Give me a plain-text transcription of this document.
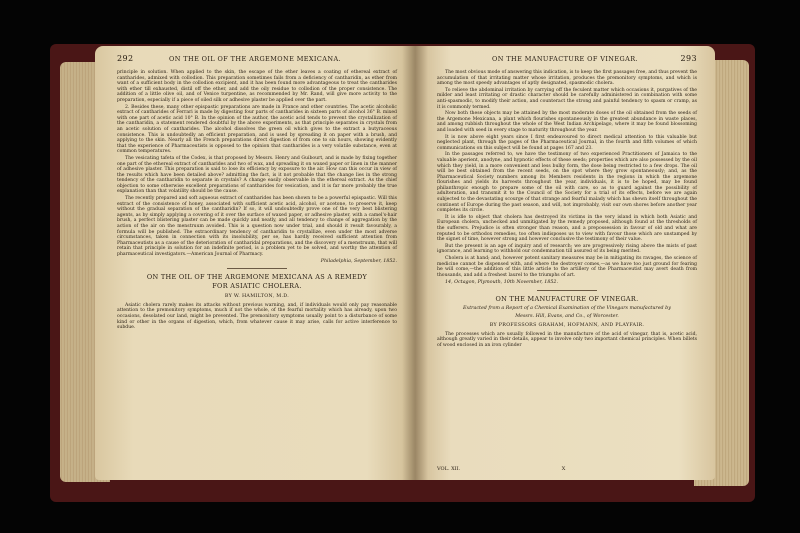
292	ON THE OIL OF THE ARGEMONE MEXICANA.

principle in solution. When applied to the skin, the escape of the ether leaves a coating of ethereal extract of cantharides, admixed with collodion. This preparation sometimes fails from a deficiency of cantharidin, as ether from want of a sufficient body in the collodion excipient, and it has been found more advantageous to treat the cantharides with ether till exhausted, distil off the ether, and add the oily residue to collodion of the proper consistence. The addition of a little olive oil, and of Venice turpentine, as recommended by Mr. Rand, will give more activity to the preparation, especially if a piece of oiled silk or adhesive plaster be applied over the part.

2. Besides these, many other epispastic preparations are made in France and other countries. The acetic alcoholic extract of cantharides of Ferrari is made by digesting four parts of cantharides in sixteen parts of alcohol 36° B. mixed with one part of acetic acid 10° B. In the opinion of the author, the acetic acid tends to prevent the crystallization of the cantharidin, a statement rendered doubtful by the above experiments, as that principle separates in crystals from an acetic solution of cantharides. The alcohol dissolves the green oil which gives to the extract a butyraceous consistence. This is undoubtedly an efficient preparation, and is used by spreading it on paper with a brush, and applying to the skin. Nearly all the French preparations direct digestion of from one to six hours, showing evidently that the experience of Pharmaceutists is opposed to the opinion that cantharides is a very volatile substance, even at common temperatures.

The vesicating tafeta of the Codex, is that proposed by Messrs. Henry and Guibourt, and is made by fixing together one part of the ethereal extract of cantharides and two of wax, and spreading it on waxed paper or linen in the manner of adhesive plaster. This preparation is said to lose its efficiency by exposure to the air. How can this occur in view of the results which have been detailed above? admitting the fact, is it not probable that the change lies in the strong tendency of the cantharidin to separate in crystals? A change easily observable in the ethereal extract. As the chief objection to some otherwise excellent preparations of cantharides for vesication, and it is far more probably the true explanation than that volatility should be the cause.

The recently prepared and soft aqueous extract of cantharides has been shown to be a powerful epispastic. Will this extract of the consistence of honey, associated with sufficient acetic acid, alcohol, or acetone, to preserve it, keep without the gradual separation of the cantharidin? If so, it will undoubtedly prove one of the very best blistering agents, as by simply applying a covering of it over the surface of waxed paper, or adhesive plaster, with a camel's-hair brush, a perfect blistering plaster can be made quickly and neatly, and all tendency to change of aggregation by the action of the air on the menstruum avoided. This is a question now under trial, and should it result favourably, a formula will be published. The extraordinary tendency of cantharidin to crystallize, even under the most adverse circumstances, taken in connection with its insolubility, per se, has hardly received sufficient attention from Pharmaceutists as a cause of the deterioration of cantharidal preparations, and the discovery of a menstruum, that will retain that principle in solution for an indefinite period, is a problem yet to be solved, and worthy the attention of pharmaceutical investigators.—American Journal of Pharmacy.

Philadelphia, September, 1852.
ON THE OIL OF THE ARGEMONE MEXICANA AS A REMEDY
FOR ASIATIC CHOLERA.
BY W. HAMILTON, M.D.

Asiatic cholera rarely makes its attacks without previous warning, and, if individuals would only pay reasonable attention to the premonitory symptoms, much if not the whole, of the fearful mortality which has already, upon two occasions, desolated our land, might be prevented. The premonitory symptoms usually point to a disturbance of some kind or other in the organs of digestion, which, from whatever cause it may arise, calls for active interference to subdue.

ON THE MANUFACTURE OF VINEGAR.	293

The most obvious mode of answering this indication, is to keep the first passages free, and thus prevent the accumulation of that irritating matter whose irritation, produces the premonitory symptoms, and which is among the most speedy advantages of aptly designated, spasmodic cholera.

To relieve the abdominal irritation by carrying off the feculent matter which occasions it, purgatives of the milder and least irritating or drastic character should be carefully administered in combination with some anti-spasmodic, to modify their action, and counteract the strong and painful tendency to spasm or cramp, as it is commonly termed.

Now both these objects may be attained by the most moderate doses of the oil obtained from the seeds of the Argemone Mexicana, a plant which flourishes spontaneously in the greatest abundance in waste places, and among rubbish throughout the whole of the West Indian Archipelago, where it may be found blossoming and loaded with seed in every stage to maturity throughout the year.

It is now above eight years since I first endeavoured to direct medical attention to this valuable but neglected plant, through the pages of the Pharmaceutical Journal, in the fourth and fifth volumes of which communications on this subject will be found at pages 167 and 23.

In the passages referred to, we have the testimony of two experienced Practitioners of Jamaica to the valuable aperient, anodyne, and hypnotic effects of these seeds; properties which are also possessed by the oil which they yield, in a more convenient and less bulky form, the dose being restricted to a few drops. The oil will be best obtained from the recent seeds, on the spot where they grow spontaneously; and, as the Pharmaceutical Society numbers among its Members residents in the regions in which the argemone flourishes and yields its harvests throughout the year, individuals, it is to be hoped, may be found philanthropic enough to prepare some of the oil with care, so as to guard against the possibility of adulteration, and transmit it to the Council of the Society for a trial of its effects, before we are again subjected to the devastating scourge of that strange and fearful malady which has shewn itself throughout the continent of Europe during the past season, and will, not improbably, visit our own shores before another year completes its circle.

It is idle to object that cholera has destroyed its victims in the very island in which both Asiatic and European cholera, unchecked and unmitigated by the remedy proposed, although found at the thresholds of the sufferers. Prejudice is often stronger than reason, and a prepossession in favour of old and what are reputed to be orthodox remedies, too often indisposes us to view with favour those which are unstamped by the signet of time, however strong and however conclusive the testimony of their value.

But the present is an age of inquiry and of research; we are progressively rising above the mists of past ignorance, and learning to withhold our condemnation till assured of its being merited.

Cholera is at hand; and, however potent sanitary measures may be in mitigating its ravages, the science of medicine cannot be dispensed with, and where the destroyer comes,—as we have too just ground for fearing he will come,—the addition of this little article to the artillery of the Pharmaceutist may avert death from thousands, and add a freshest laurel to the triumphs of art.

14, Octagon, Plymouth, 10th November, 1852.
ON THE MANUFACTURE OF VINEGAR.
Extracted from a Report of a Chemical Examination of the Vinegars manufactured by
Messrs. Hill, Evans, and Co., of Worcester.
BY PROFESSORS GRAHAM, HOFMANN, AND PLAYFAIR.

The processes which are usually followed in the manufacture of the acid of vinegar, that is, acetic acid, although greatly varied in their details, appear to involve only two important chemical principles. When billets of wood enclosed in an iron cylinder

VOL. XII.	X
